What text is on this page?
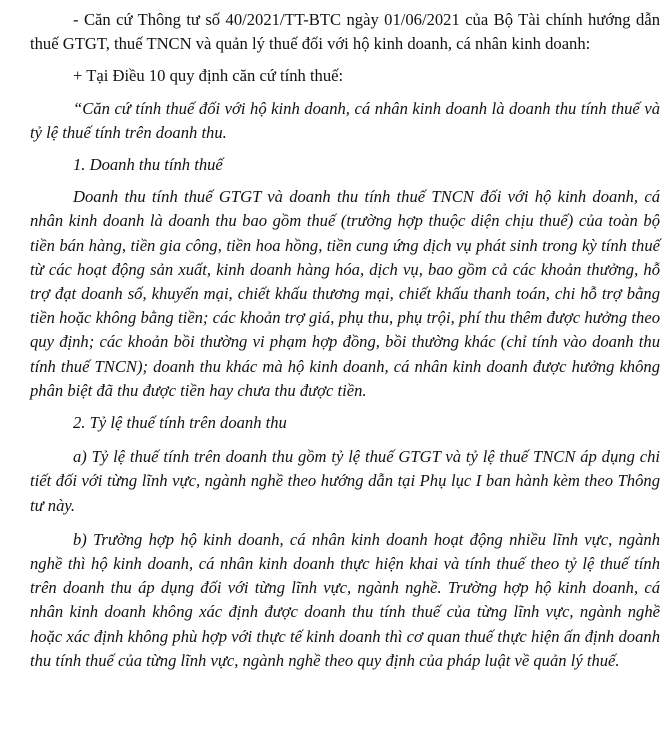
- Căn cứ Thông tư số 40/2021/TT-BTC ngày 01/06/2021 của Bộ Tài chính hướng dẫn thuế GTGT, thuế TNCN và quản lý thuế đối với hộ kinh doanh, cá nhân kinh doanh:

+ Tại Điều 10 quy định căn cứ tính thuế:

“Căn cứ tính thuế đối với hộ kinh doanh, cá nhân kinh doanh là doanh thu tính thuế và tỷ lệ thuế tính trên doanh thu.

1. Doanh thu tính thuế

Doanh thu tính thuế GTGT và doanh thu tính thuế TNCN đối với hộ kinh doanh, cá nhân kinh doanh là doanh thu bao gồm thuế (trường hợp thuộc diện chịu thuế) của toàn bộ tiền bán hàng, tiền gia công, tiền hoa hồng, tiền cung ứng dịch vụ phát sinh trong kỳ tính thuế từ các hoạt động sản xuất, kinh doanh hàng hóa, dịch vụ, bao gồm cả các khoản thưởng, hỗ trợ đạt doanh số, khuyến mại, chiết khấu thương mại, chiết khấu thanh toán, chi hỗ trợ bằng tiền hoặc không bằng tiền; các khoản trợ giá, phụ thu, phụ trội, phí thu thêm được hưởng theo quy định; các khoản bồi thường vi phạm hợp đồng, bồi thường khác (chỉ tính vào doanh thu tính thuế TNCN); doanh thu khác mà hộ kinh doanh, cá nhân kinh doanh được hưởng không phân biệt đã thu được tiền hay chưa thu được tiền.

2. Tỷ lệ thuế tính trên doanh thu

a) Tỷ lệ thuế tính trên doanh thu gồm tỷ lệ thuế GTGT và tỷ lệ thuế TNCN áp dụng chi tiết đối với từng lĩnh vực, ngành nghề theo hướng dẫn tại Phụ lục I ban hành kèm theo Thông tư này.

b) Trường hợp hộ kinh doanh, cá nhân kinh doanh hoạt động nhiều lĩnh vực, ngành nghề thì hộ kinh doanh, cá nhân kinh doanh thực hiện khai và tính thuế theo tỷ lệ thuế tính trên doanh thu áp dụng đối với từng lĩnh vực, ngành nghề. Trường hợp hộ kinh doanh, cá nhân kinh doanh không xác định được doanh thu tính thuế của từng lĩnh vực, ngành nghề hoặc xác định không phù hợp với thực tế kinh doanh thì cơ quan thuế thực hiện ấn định doanh thu tính thuế của từng lĩnh vực, ngành nghề theo quy định của pháp luật về quản lý thuế.
